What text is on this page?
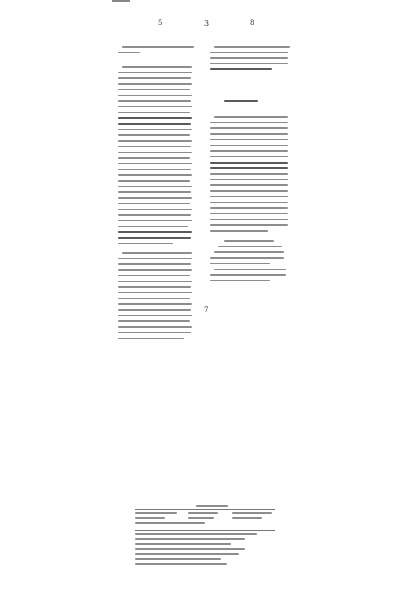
5	3	8
7
